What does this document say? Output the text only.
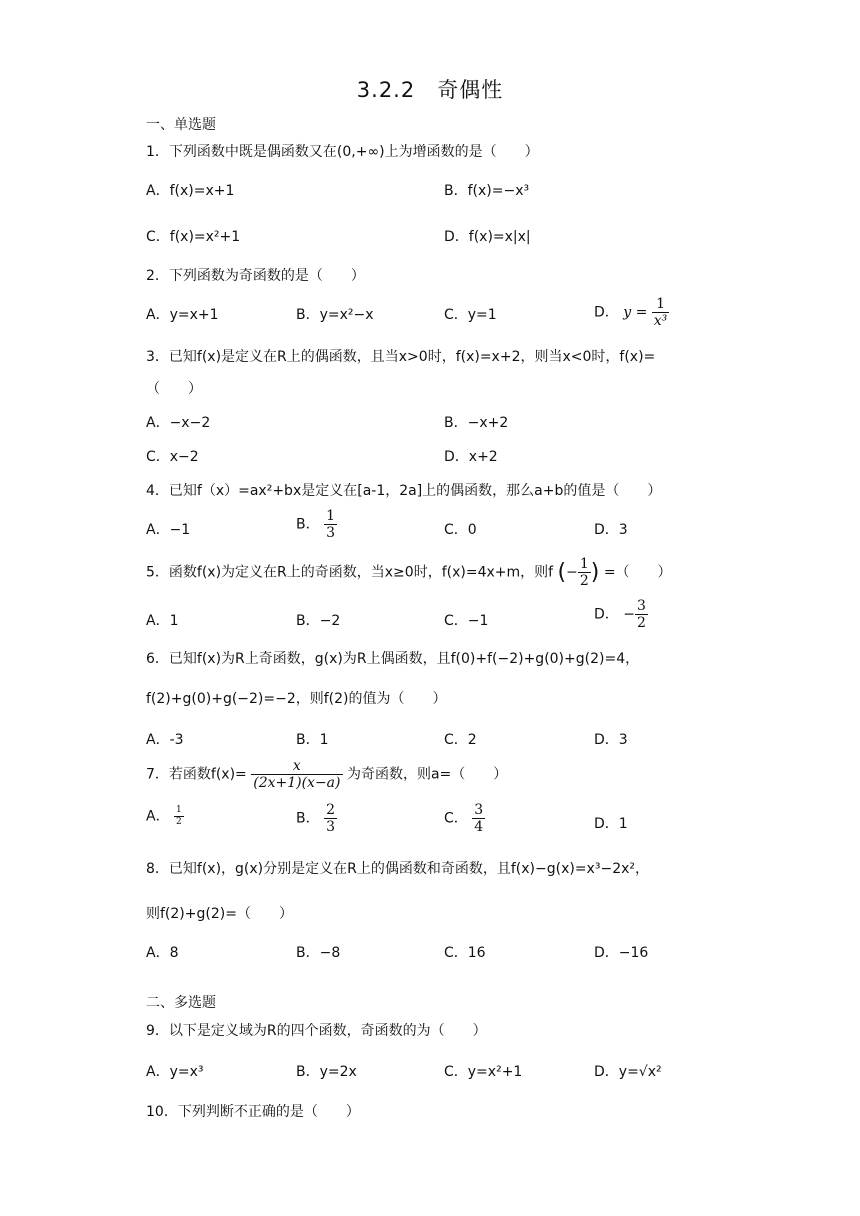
3.2.2　奇偶性
一、单选题
1．下列函数中既是偶函数又在(0,+∞)上为增函数的是（　　）
A．f(x)=x+1	B．f(x)=−x³
C．f(x)=x²+1	D．f(x)=x|x|
2．下列函数为奇函数的是（　　）
A．y=x+1	B．y=x²−x	C．y=1	D． $y = \frac{1}{\text{x³}}$
3．已知f(x)是定义在R上的偶函数，且当x>0时，f(x)=x+2，则当x<0时，f(x)=
（　　）
A．−x−2	B．−x+2
C．x−2	D．x+2
4．已知f（x）=ax²+bx是定义在[a-1，2a]上的偶函数，那么a+b的值是（　　）
A．−1	B． $\frac{1}{3}$	C．0	D．3
5．函数f(x)为定义在R上的奇函数，当x≥0时，f(x)=4x+m，则f (− $\frac{1}{2}$ ) =（　　）
A．1	B．−2	C．−1	D． − $\frac{3}{2}$
6．已知f(x)为R上奇函数，g(x)为R上偶函数，且f(0)+f(−2)+g(0)+g(2)=4，
f(2)+g(0)+g(−2)=−2，则f(2)的值为（　　）
A．-3	B．1	C．2	D．3
7．若函数$f(x)= \frac{x}{(2x+1)(x-a)}$ 为奇函数，则a=（　　）
A． $\frac{1}{2}$	B． $\frac{2}{3}$	C． $\frac{3}{4}$	D．1
8．已知f(x)，g(x)分别是定义在R上的偶函数和奇函数，且f(x)−g(x)=x³−2x²，
则f(2)+g(2)=（　　）
A．8	B．−8	C．16	D．−16
二、多选题
9．以下是定义域为R的四个函数，奇函数的为（　　）
A．y=x³	B．y=2x	C．y=x²+1	D．y=√x²
10．下列判断不正确的是（　　）
